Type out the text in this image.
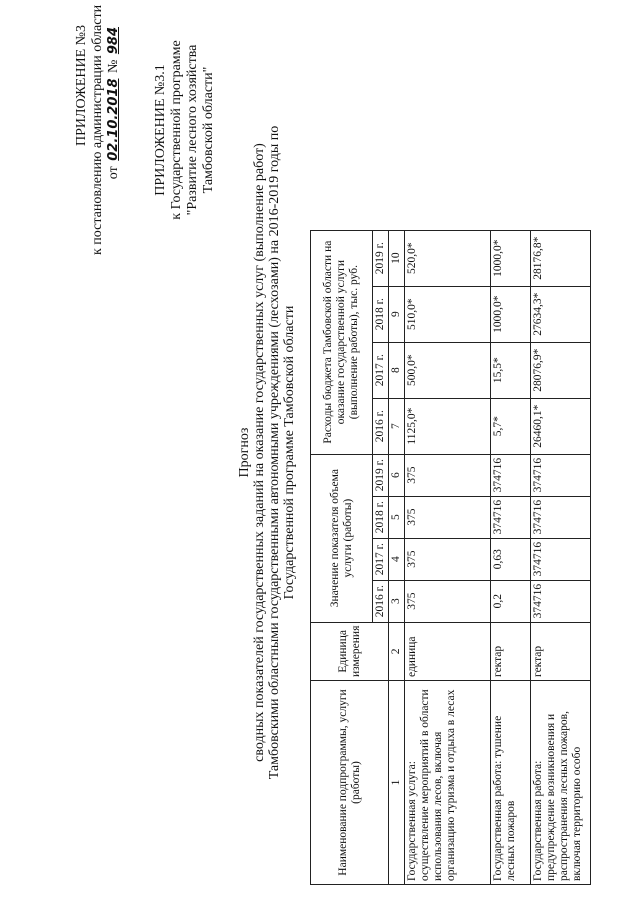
ПРИЛОЖЕНИЕ №3 к постановлению администрации области от 02.10.2018 № 984
ПРИЛОЖЕНИЕ №3.1 к Государственной программе "Развитие лесного хозяйства Тамбовской области"
Прогноз сводных показателей государственных заданий на оказание государственных услуг (выполнение работ) Тамбовскими областными государственными автономными учреждениями (лесхозами) на 2016-2019 годы по Государственной программе Тамбовской области
Наименование подпрограммы, услуги (работы)	Единица измерения	Значение показателя объема услуги (работы)				Расходы бюджета Тамбовской области на оказание государственной услуги (выполнение работы), тыс. руб.			
		2016 г.	2017 г.	2018 г.	2019 г.	2016 г.	2017 г.	2018 г.	2019 г.
1	2	3	4	5	6	7	8	9	10
Государственная услуга: осуществление мероприятий в области использования лесов, включая организацию туризма и отдыха в лесах	единица	375	375	375	375	1125,0*	500,0*	510,0*	520,0*
Государственная работа: тушение лесных пожаров	гектар	0,2	0,63	374716	374716	5,7*	15,5*	1000,0*	1000,0*
Государственная работа: предупреждение возникновения и распространения лесных пожаров, включая территорию особо	гектар	374716	374716	374716	374716	26460,1*	28076,9*	27634,3*	28176,8*
